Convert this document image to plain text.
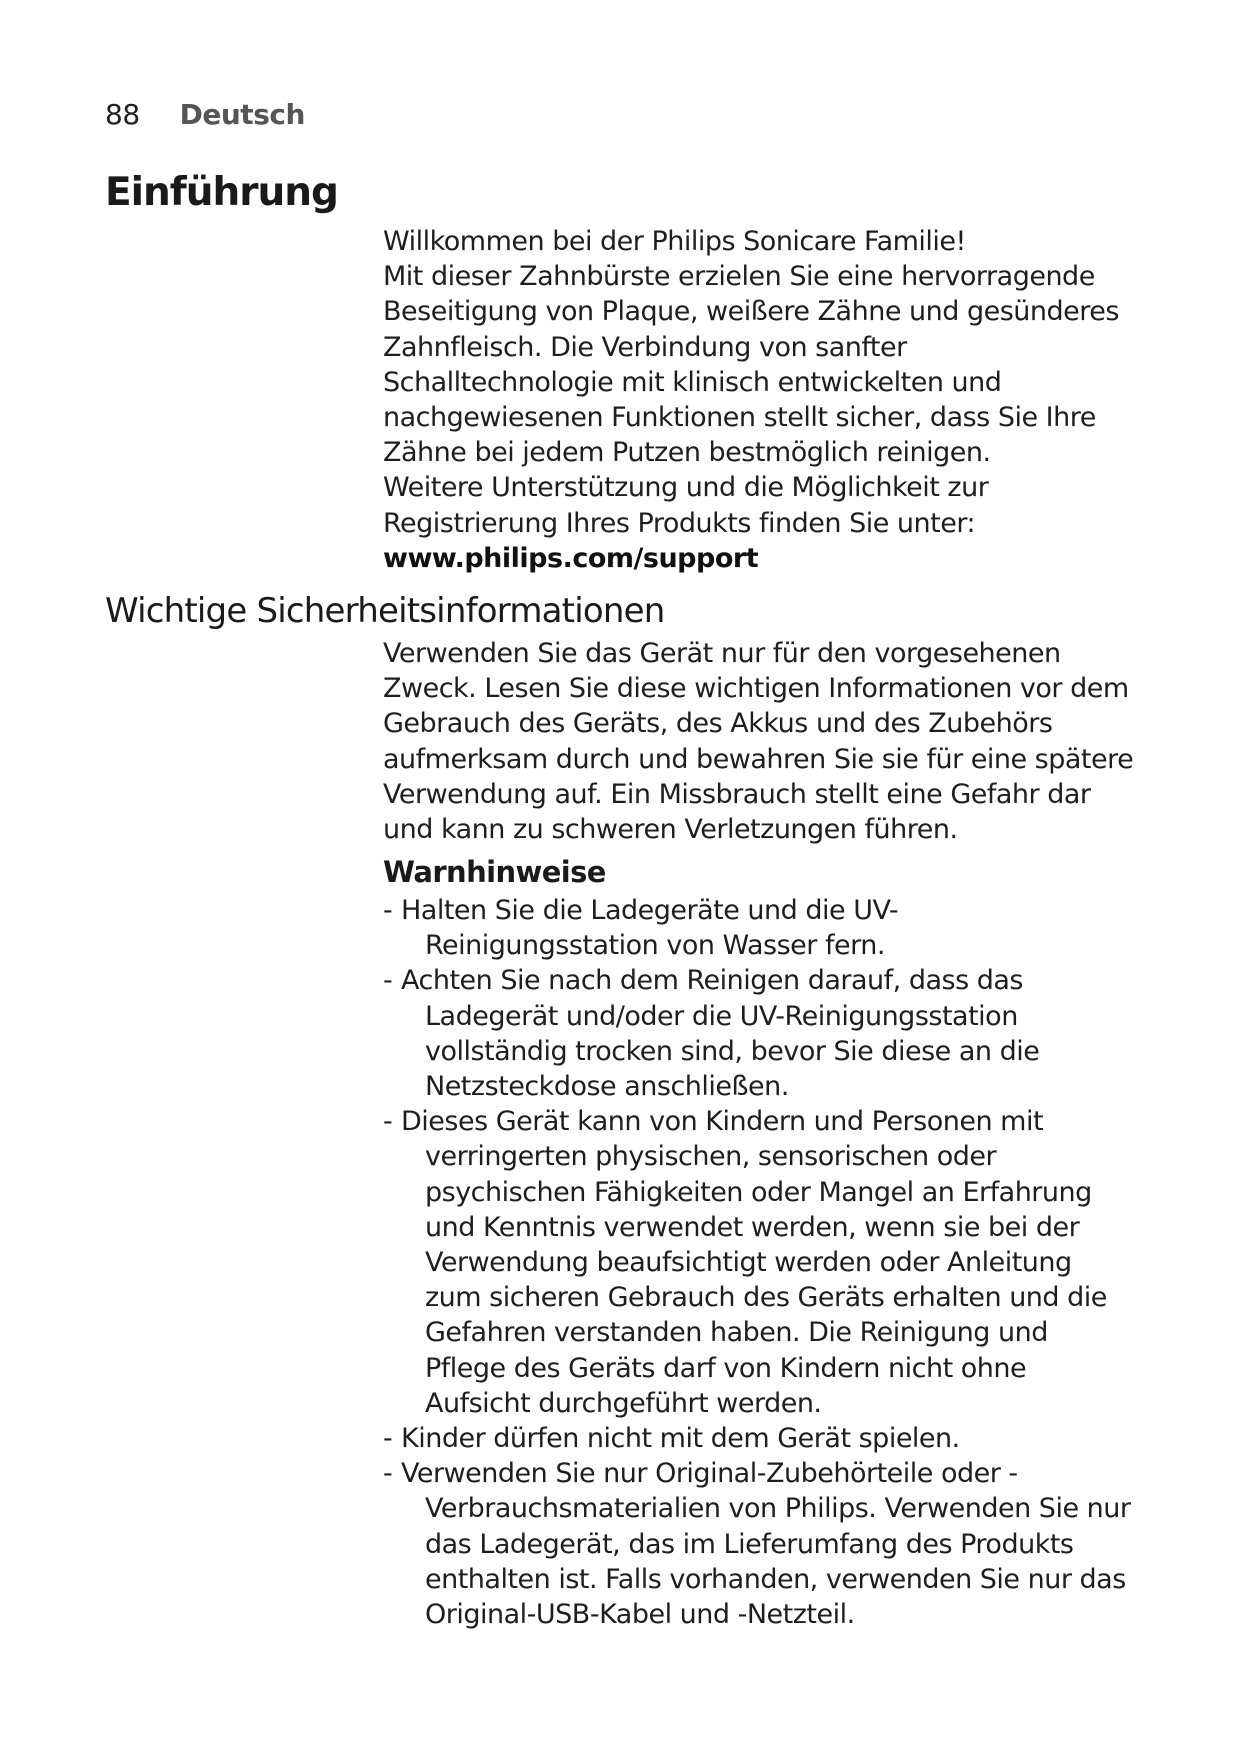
88 Deutsch
Einführung

Willkommen bei der Philips Sonicare Familie!

Mit dieser Zahnbürste erzielen Sie eine hervorragende

Beseitigung von Plaque, weißere Zähne und gesünderes

Zahnfleisch. Die Verbindung von sanfter

Schalltechnologie mit klinisch entwickelten und

nachgewiesenen Funktionen stellt sicher, dass Sie Ihre

Zähne bei jedem Putzen bestmöglich reinigen.

Weitere Unterstützung und die Möglichkeit zur

Registrierung Ihres Produkts finden Sie unter:

www.philips.com/support

Wichtige Sicherheitsinformationen

Verwenden Sie das Gerät nur für den vorgesehenen

Zweck. Lesen Sie diese wichtigen Informationen vor dem

Gebrauch des Geräts, des Akkus und des Zubehörs

aufmerksam durch und bewahren Sie sie für eine spätere

Verwendung auf. Ein Missbrauch stellt eine Gefahr dar

und kann zu schweren Verletzungen führen.

Warnhinweise
- Halten Sie die Ladegeräte und die UV-
Reinigungsstation von Wasser fern.
- Achten Sie nach dem Reinigen darauf, dass das
Ladegerät und/oder die UV-Reinigungsstation
vollständig trocken sind, bevor Sie diese an die
Netzsteckdose anschließen.
- Dieses Gerät kann von Kindern und Personen mit
verringerten physischen, sensorischen oder
psychischen Fähigkeiten oder Mangel an Erfahrung
und Kenntnis verwendet werden, wenn sie bei der
Verwendung beaufsichtigt werden oder Anleitung
zum sicheren Gebrauch des Geräts erhalten und die
Gefahren verstanden haben. Die Reinigung und
Pflege des Geräts darf von Kindern nicht ohne
Aufsicht durchgeführt werden.
- Kinder dürfen nicht mit dem Gerät spielen.
- Verwenden Sie nur Original-Zubehörteile oder -
Verbrauchsmaterialien von Philips. Verwenden Sie nur
das Ladegerät, das im Lieferumfang des Produkts
enthalten ist. Falls vorhanden, verwenden Sie nur das
Original-USB-Kabel und -Netzteil.
